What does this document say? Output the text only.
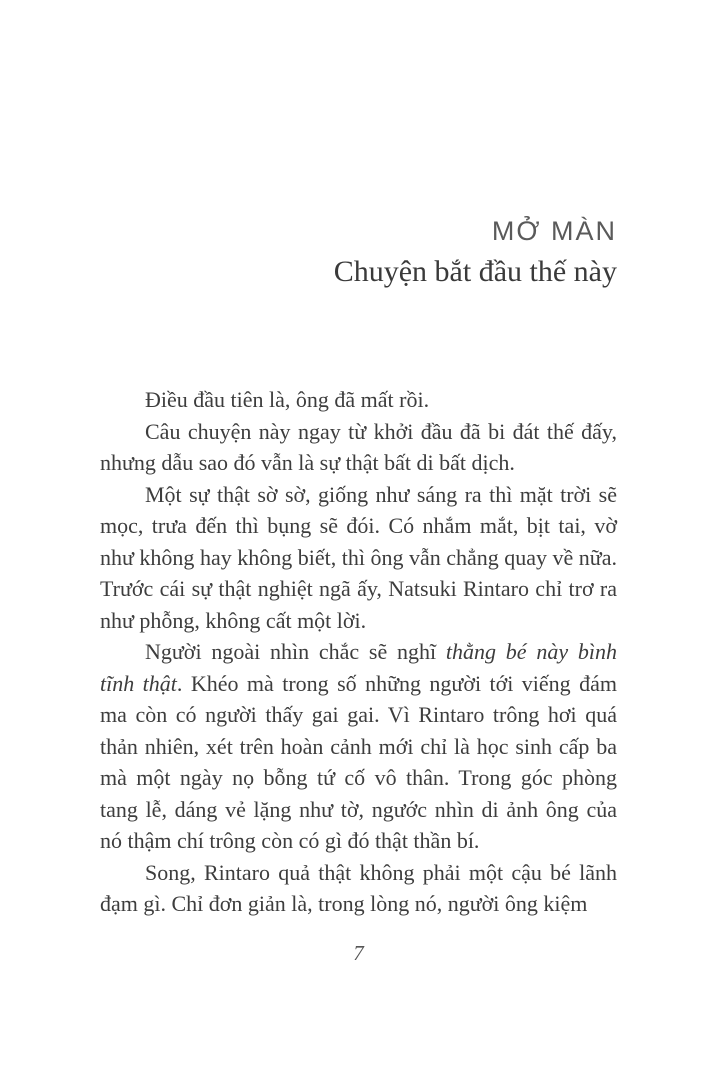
MỞ MÀN
Chuyện bắt đầu thế này

Điều đầu tiên là, ông đã mất rồi.

Câu chuyện này ngay từ khởi đầu đã bi đát thế đấy, nhưng dẫu sao đó vẫn là sự thật bất di bất dịch.

Một sự thật sờ sờ, giống như sáng ra thì mặt trời sẽ mọc, trưa đến thì bụng sẽ đói. Có nhắm mắt, bịt tai, vờ như không hay không biết, thì ông vẫn chẳng quay về nữa. Trước cái sự thật nghiệt ngã ấy, Natsuki Rintaro chỉ trơ ra như phỗng, không cất một lời.

Người ngoài nhìn chắc sẽ nghĩ thằng bé này bình tĩnh thật. Khéo mà trong số những người tới viếng đám ma còn có người thấy gai gai. Vì Rintaro trông hơi quá thản nhiên, xét trên hoàn cảnh mới chỉ là học sinh cấp ba mà một ngày nọ bỗng tứ cố vô thân. Trong góc phòng tang lễ, dáng vẻ lặng như tờ, ngước nhìn di ảnh ông của nó thậm chí trông còn có gì đó thật thần bí.

Song, Rintaro quả thật không phải một cậu bé lãnh đạm gì. Chỉ đơn giản là, trong lòng nó, người ông kiệm

7
